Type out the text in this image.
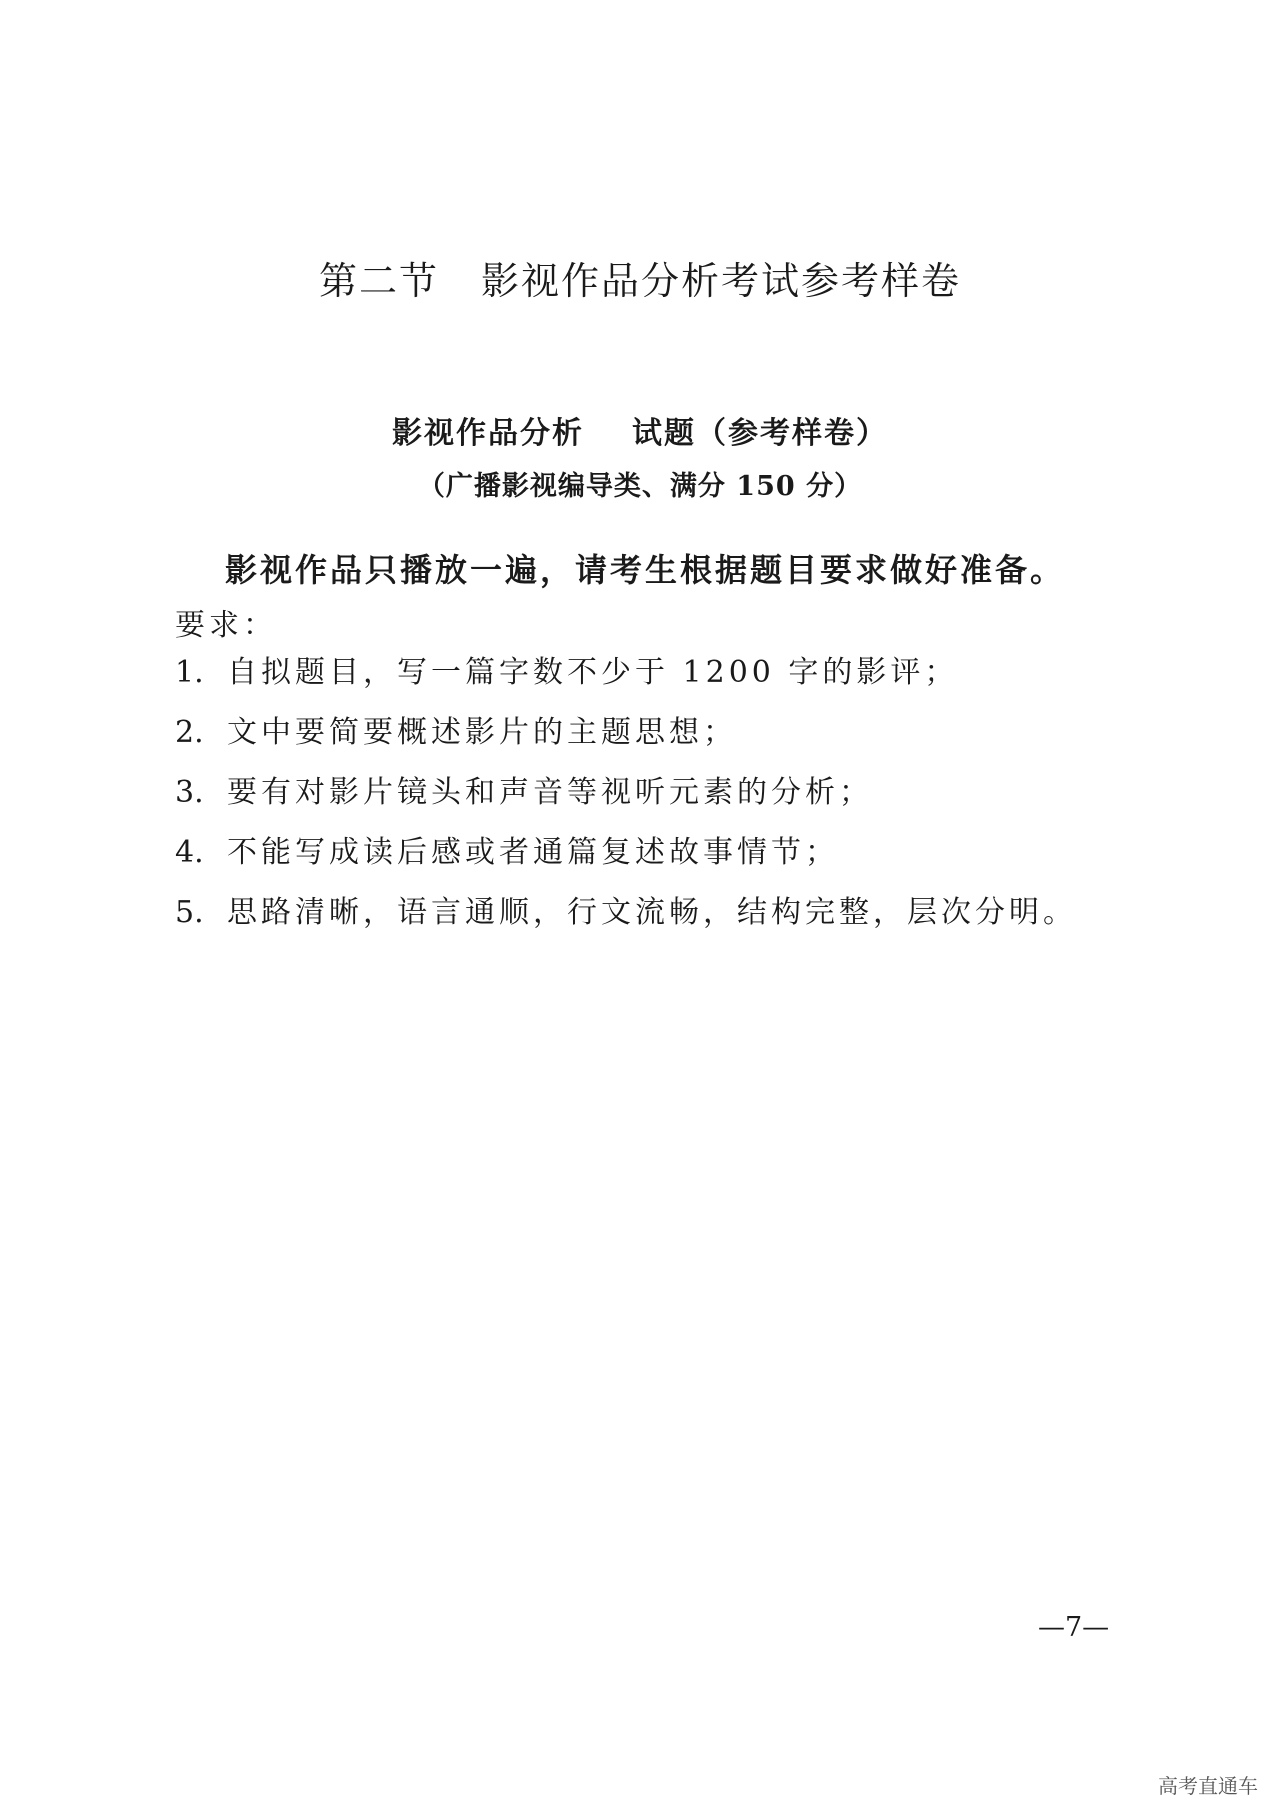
第二节 影视作品分析考试参考样卷
影视作品分析 试题（参考样卷）
（广播影视编导类、满分 150 分）
影视作品只播放一遍，请考生根据题目要求做好准备。
要求：
1. 自拟题目，写一篇字数不少于 1200 字的影评；
2. 文中要简要概述影片的主题思想；
3. 要有对影片镜头和声音等视听元素的分析；
4. 不能写成读后感或者通篇复述故事情节；
5. 思路清晰，语言通顺，行文流畅，结构完整，层次分明。
—7—
高考直通车
